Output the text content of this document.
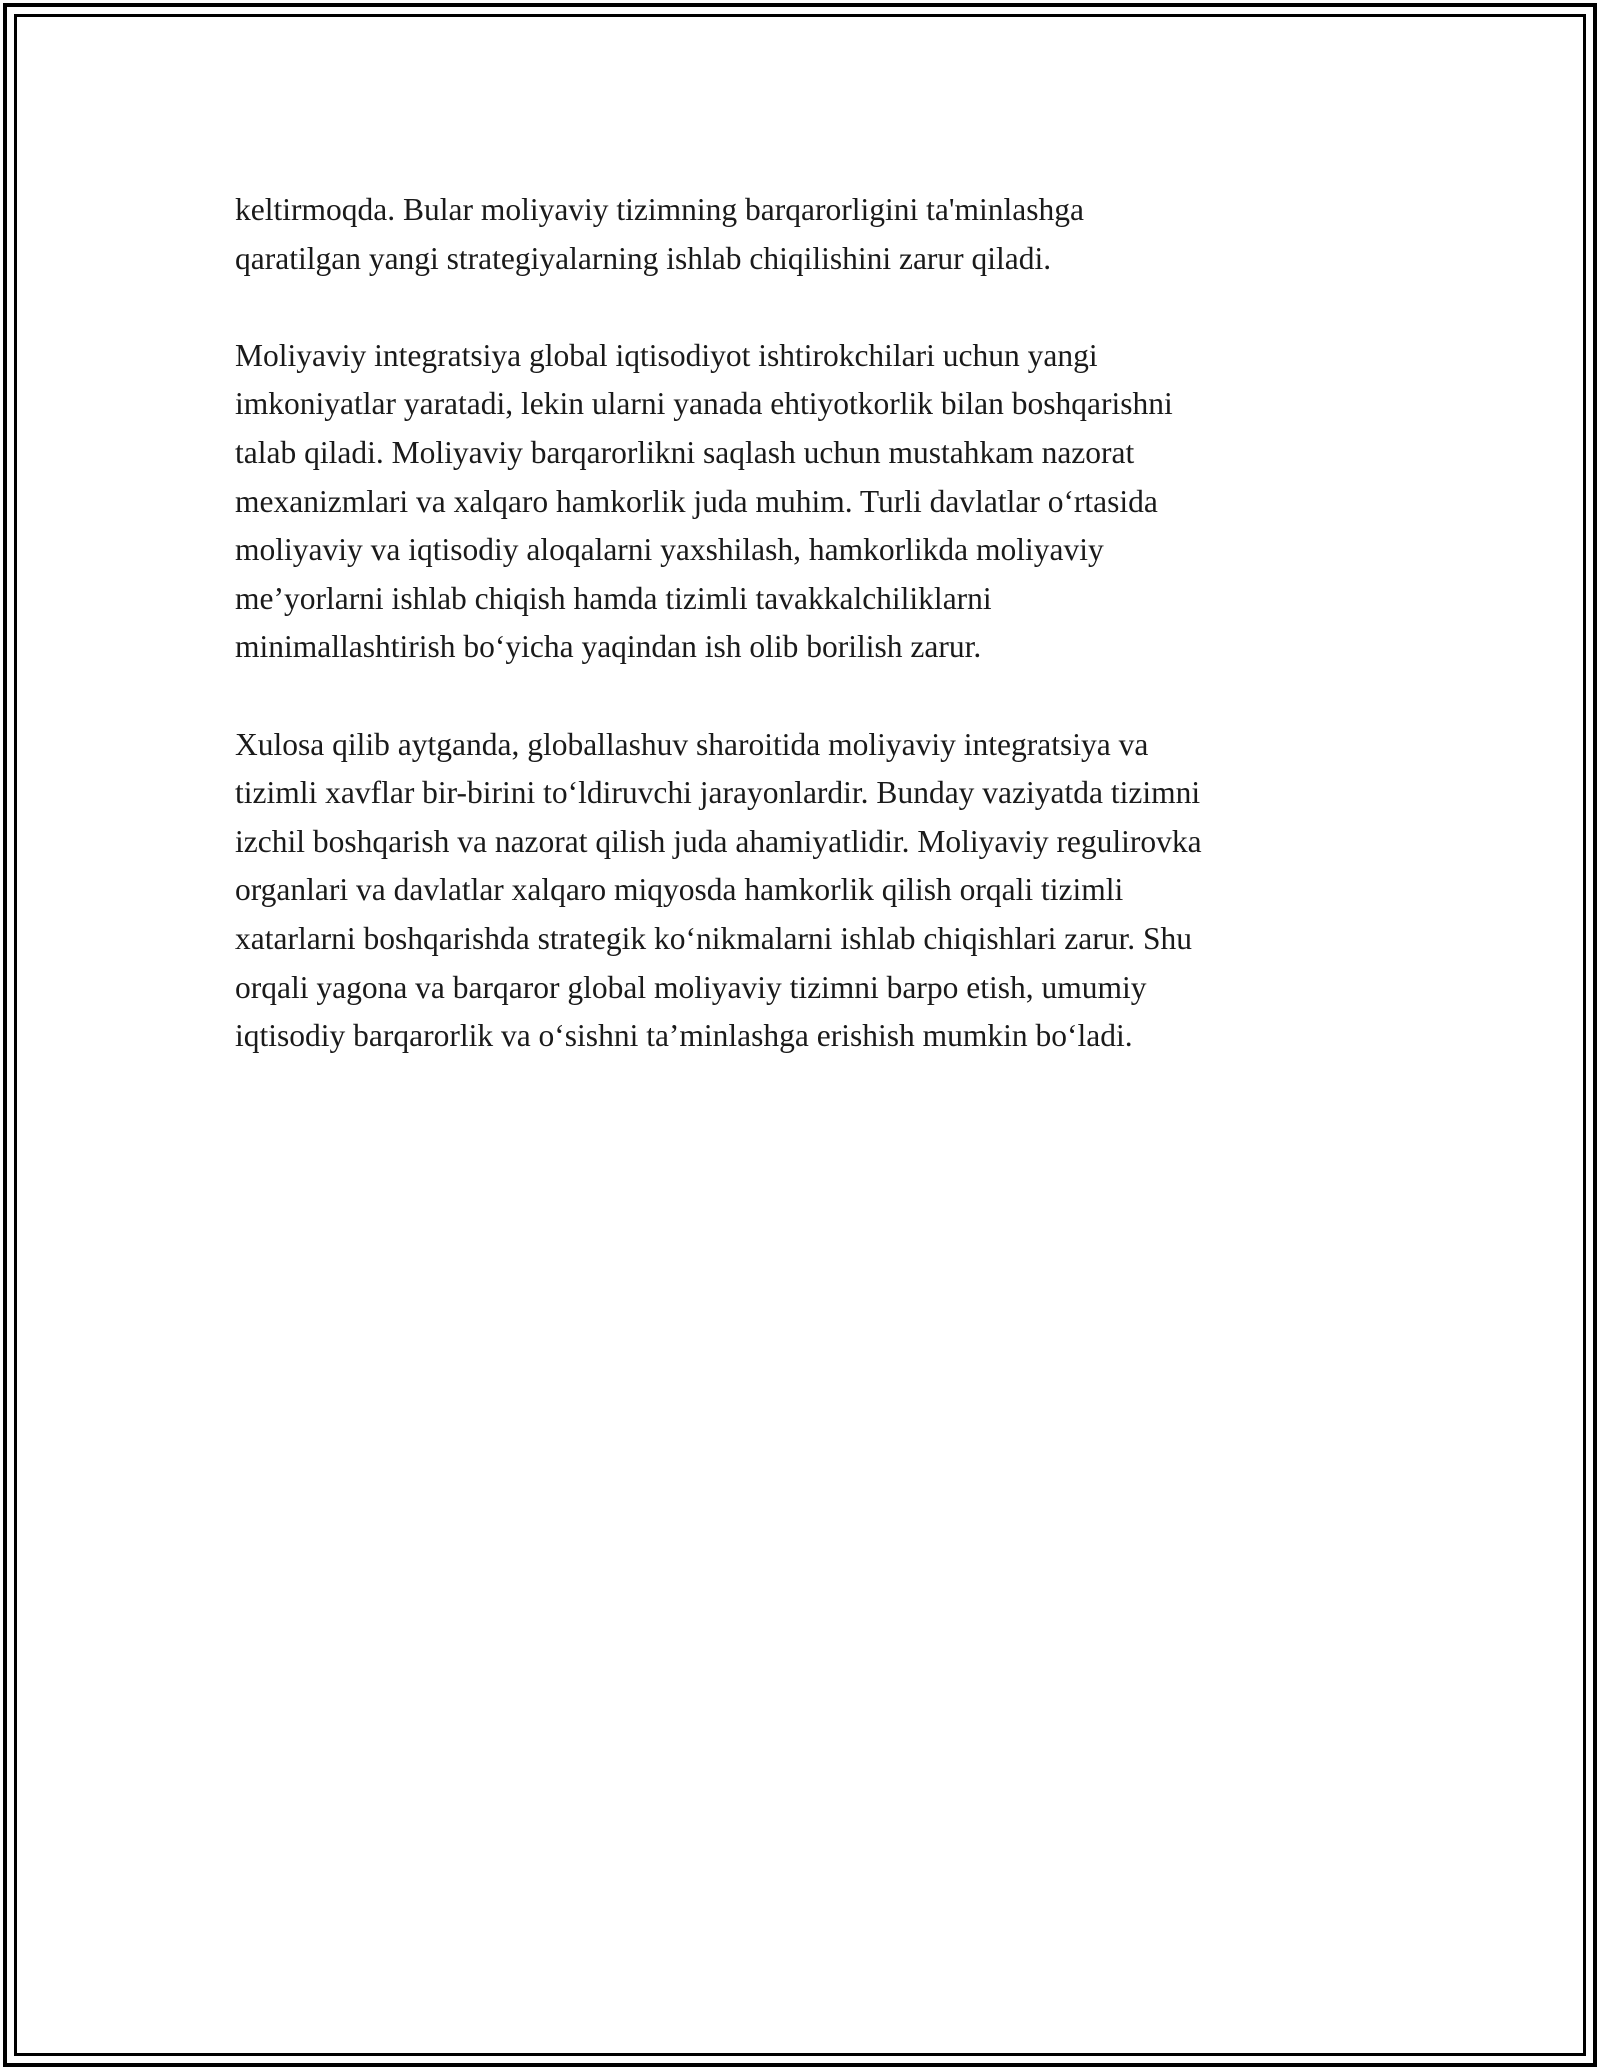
keltirmoqda. Bular moliyaviy tizimning barqarorligini ta'minlashga
qaratilgan yangi strategiyalarning ishlab chiqilishini zarur qiladi.

Moliyaviy integratsiya global iqtisodiyot ishtirokchilari uchun yangi
imkoniyatlar yaratadi, lekin ularni yanada ehtiyotkorlik bilan boshqarishni
talab qiladi. Moliyaviy barqarorlikni saqlash uchun mustahkam nazorat
mexanizmlari va xalqaro hamkorlik juda muhim. Turli davlatlar o‘rtasida
moliyaviy va iqtisodiy aloqalarni yaxshilash, hamkorlikda moliyaviy
me’yorlarni ishlab chiqish hamda tizimli tavakkalchiliklarni
minimallashtirish bo‘yicha yaqindan ish olib borilish zarur.

Xulosa qilib aytganda, globallashuv sharoitida moliyaviy integratsiya va
tizimli xavflar bir-birini to‘ldiruvchi jarayonlardir. Bunday vaziyatda tizimni
izchil boshqarish va nazorat qilish juda ahamiyatlidir. Moliyaviy regulirovka
organlari va davlatlar xalqaro miqyosda hamkorlik qilish orqali tizimli
xatarlarni boshqarishda strategik ko‘nikmalarni ishlab chiqishlari zarur. Shu
orqali yagona va barqaror global moliyaviy tizimni barpo etish, umumiy
iqtisodiy barqarorlik va o‘sishni ta’minlashga erishish mumkin bo‘ladi.
